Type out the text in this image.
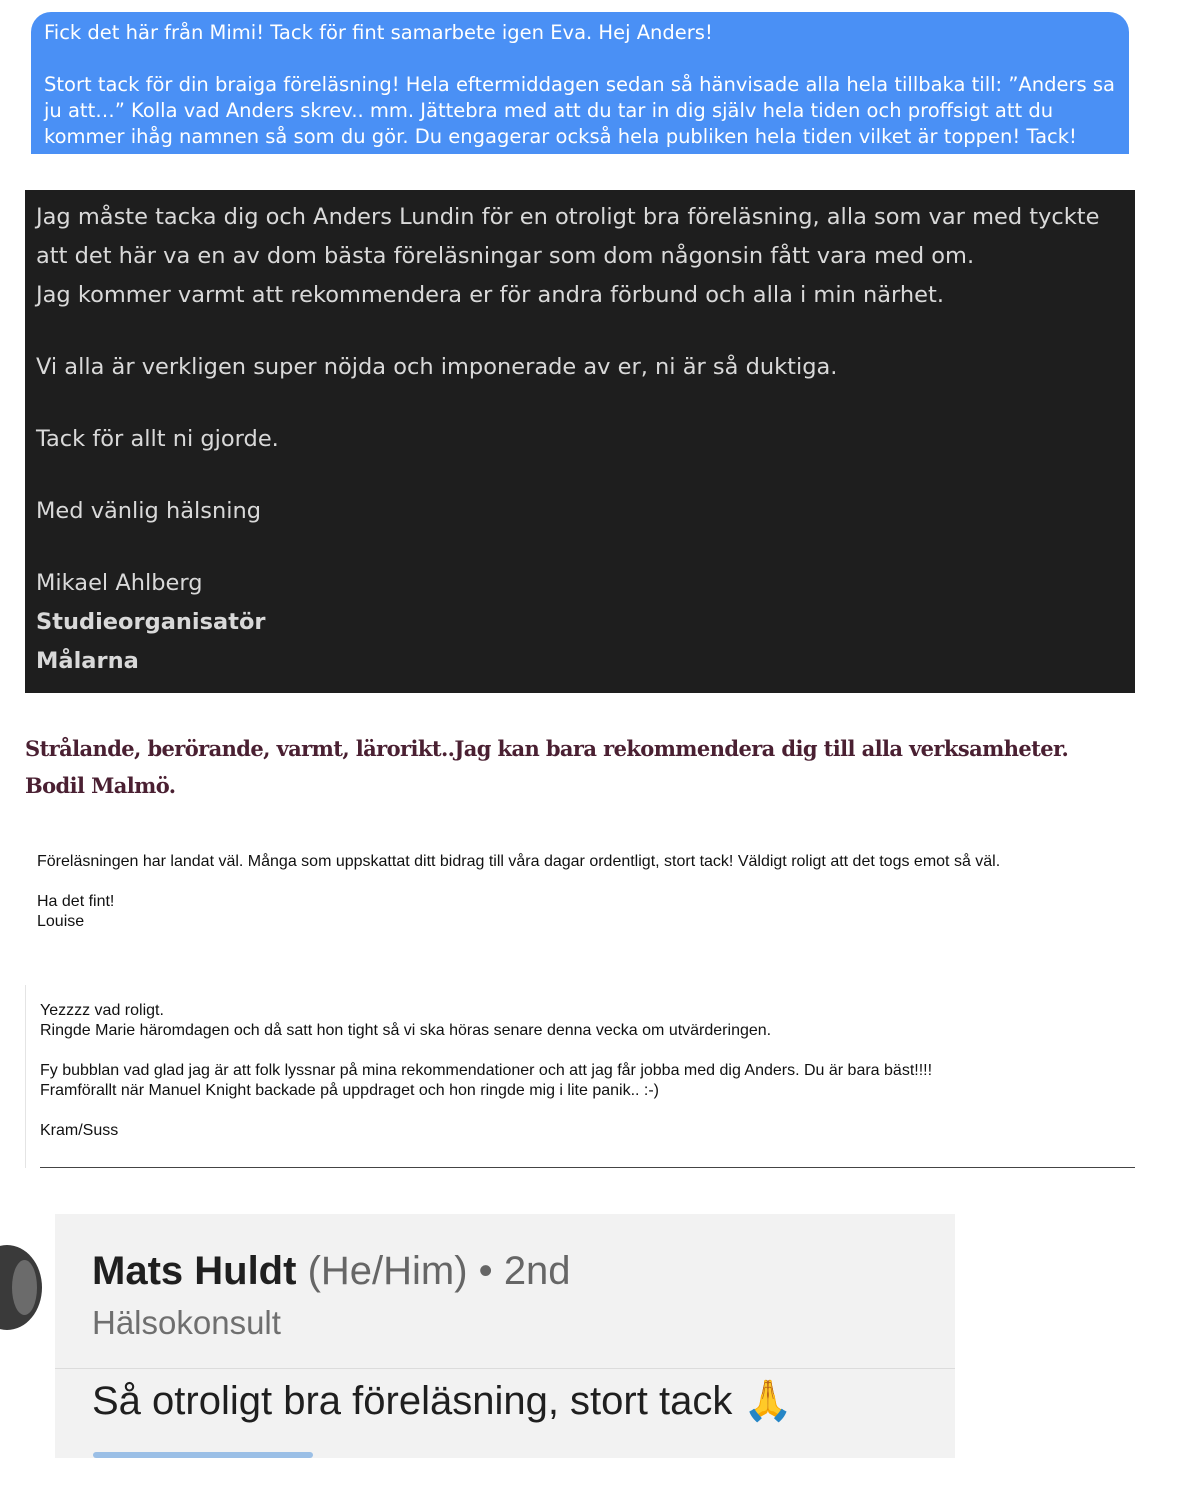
Fick det här från Mimi! Tack för fint samarbete igen Eva. Hej Anders!

Stort tack för din braiga föreläsning! Hela eftermiddagen sedan så hänvisade alla hela tillbaka till: ”Anders sa

ju att…” Kolla vad Anders skrev.. mm. Jättebra med att du tar in dig själv hela tiden och proffsigt att du

kommer ihåg namnen så som du gör. Du engagerar också hela publiken hela tiden vilket är toppen! Tack!

Jag måste tacka dig och Anders Lundin för en otroligt bra föreläsning, alla som var med tyckte

att det här va en av dom bästa föreläsningar som dom någonsin fått vara med om.

Jag kommer varmt att rekommendera er för andra förbund och alla i min närhet.

Vi alla är verkligen super nöjda och imponerade av er, ni är så duktiga.

Tack för allt ni gjorde.

Med vänlig hälsning

Mikael Ahlberg

Studieorganisatör

Målarna

Strålande, berörande, varmt, lärorikt..Jag kan bara rekommendera dig till alla verksamheter.

Bodil Malmö.

Föreläsningen har landat väl. Många som uppskattat ditt bidrag till våra dagar ordentligt, stort tack! Väldigt roligt att det togs emot så väl.

Ha det fint!

Louise

Yezzzz vad roligt.

Ringde Marie häromdagen och då satt hon tight så vi ska höras senare denna vecka om utvärderingen.

Fy bubblan vad glad jag är att folk lyssnar på mina rekommendationer och att jag får jobba med dig Anders. Du är bara bäst!!!!

Framförallt när Manuel Knight backade på uppdraget och hon ringde mig i lite panik.. :-)

Kram/Suss

Mats Huldt (He/Him) • 2nd
Hälsokonsult
Så otroligt bra föreläsning, stort tack 🙏
